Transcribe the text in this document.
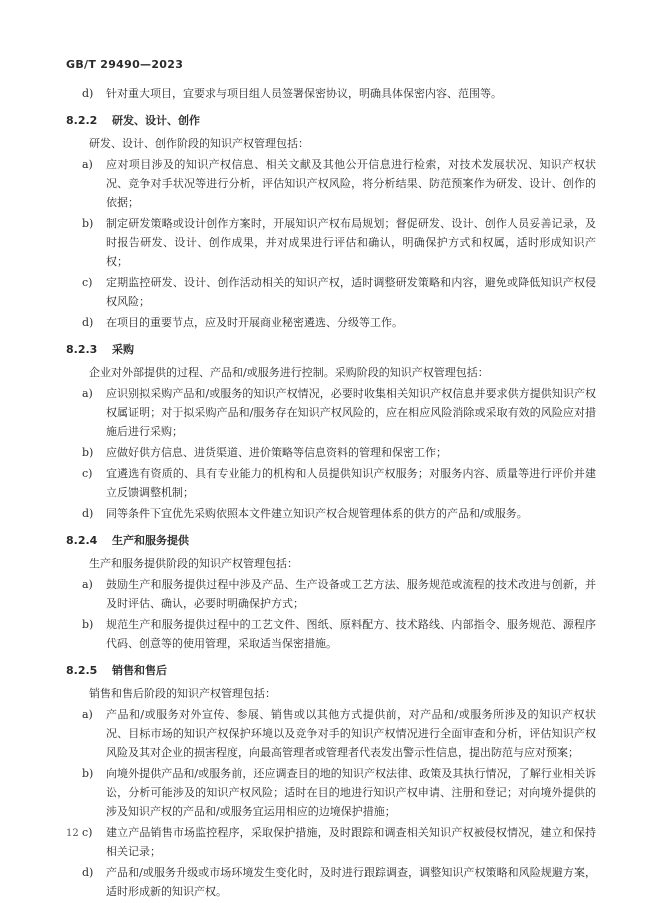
GB/T 29490—2023
d)	针对重大项目，宜要求与项目组人员签署保密协议，明确具体保密内容、范围等。
8.2.2	研发、设计、创作

研发、设计、创作阶段的知识产权管理包括：

a)	应对项目涉及的知识产权信息、相关文献及其他公开信息进行检索，对技术发展状况、知识产权状况、竞争对手状况等进行分析，评估知识产权风险，将分析结果、防范预案作为研发、设计、创作的依据；
b)	制定研发策略或设计创作方案时，开展知识产权布局规划；督促研发、设计、创作人员妥善记录，及时报告研发、设计、创作成果，并对成果进行评估和确认，明确保护方式和权属，适时形成知识产权；
c)	定期监控研发、设计、创作活动相关的知识产权，适时调整研发策略和内容，避免或降低知识产权侵权风险；
d)	在项目的重要节点，应及时开展商业秘密遴选、分级等工作。
8.2.3	采购

企业对外部提供的过程、产品和/或服务进行控制。采购阶段的知识产权管理包括：

a)	应识别拟采购产品和/或服务的知识产权情况，必要时收集相关知识产权信息并要求供方提供知识产权权属证明；对于拟采购产品和/服务存在知识产权风险的，应在相应风险消除或采取有效的风险应对措施后进行采购；
b)	应做好供方信息、进货渠道、进价策略等信息资料的管理和保密工作；
c)	宜遴选有资质的、具有专业能力的机构和人员提供知识产权服务；对服务内容、质量等进行评价并建立反馈调整机制；
d)	同等条件下宜优先采购依照本文件建立知识产权合规管理体系的供方的产品和/或服务。
8.2.4	生产和服务提供

生产和服务提供阶段的知识产权管理包括：

a)	鼓励生产和服务提供过程中涉及产品、生产设备或工艺方法、服务规范或流程的技术改进与创新，并及时评估、确认，必要时明确保护方式；
b)	规范生产和服务提供过程中的工艺文件、图纸、原料配方、技术路线、内部指令、服务规范、源程序代码、创意等的使用管理，采取适当保密措施。
8.2.5	销售和售后

销售和售后阶段的知识产权管理包括：

a)	产品和/或服务对外宣传、参展、销售或以其他方式提供前，对产品和/或服务所涉及的知识产权状况、目标市场的知识产权保护环境以及竞争对手的知识产权情况进行全面审查和分析，评估知识产权风险及其对企业的损害程度，向最高管理者或管理者代表发出警示性信息，提出防范与应对预案；
b)	向境外提供产品和/或服务前，还应调查目的地的知识产权法律、政策及其执行情况，了解行业相关诉讼，分析可能涉及的知识产权风险；适时在目的地进行知识产权申请、注册和登记；对向境外提供的涉及知识产权的产品和/或服务宜运用相应的边境保护措施；
c)	建立产品销售市场监控程序，采取保护措施，及时跟踪和调查相关知识产权被侵权情况，建立和保持相关记录；
d)	产品和/或服务升级或市场环境发生变化时，及时进行跟踪调查，调整知识产权策略和风险规避方案，适时形成新的知识产权。
12
